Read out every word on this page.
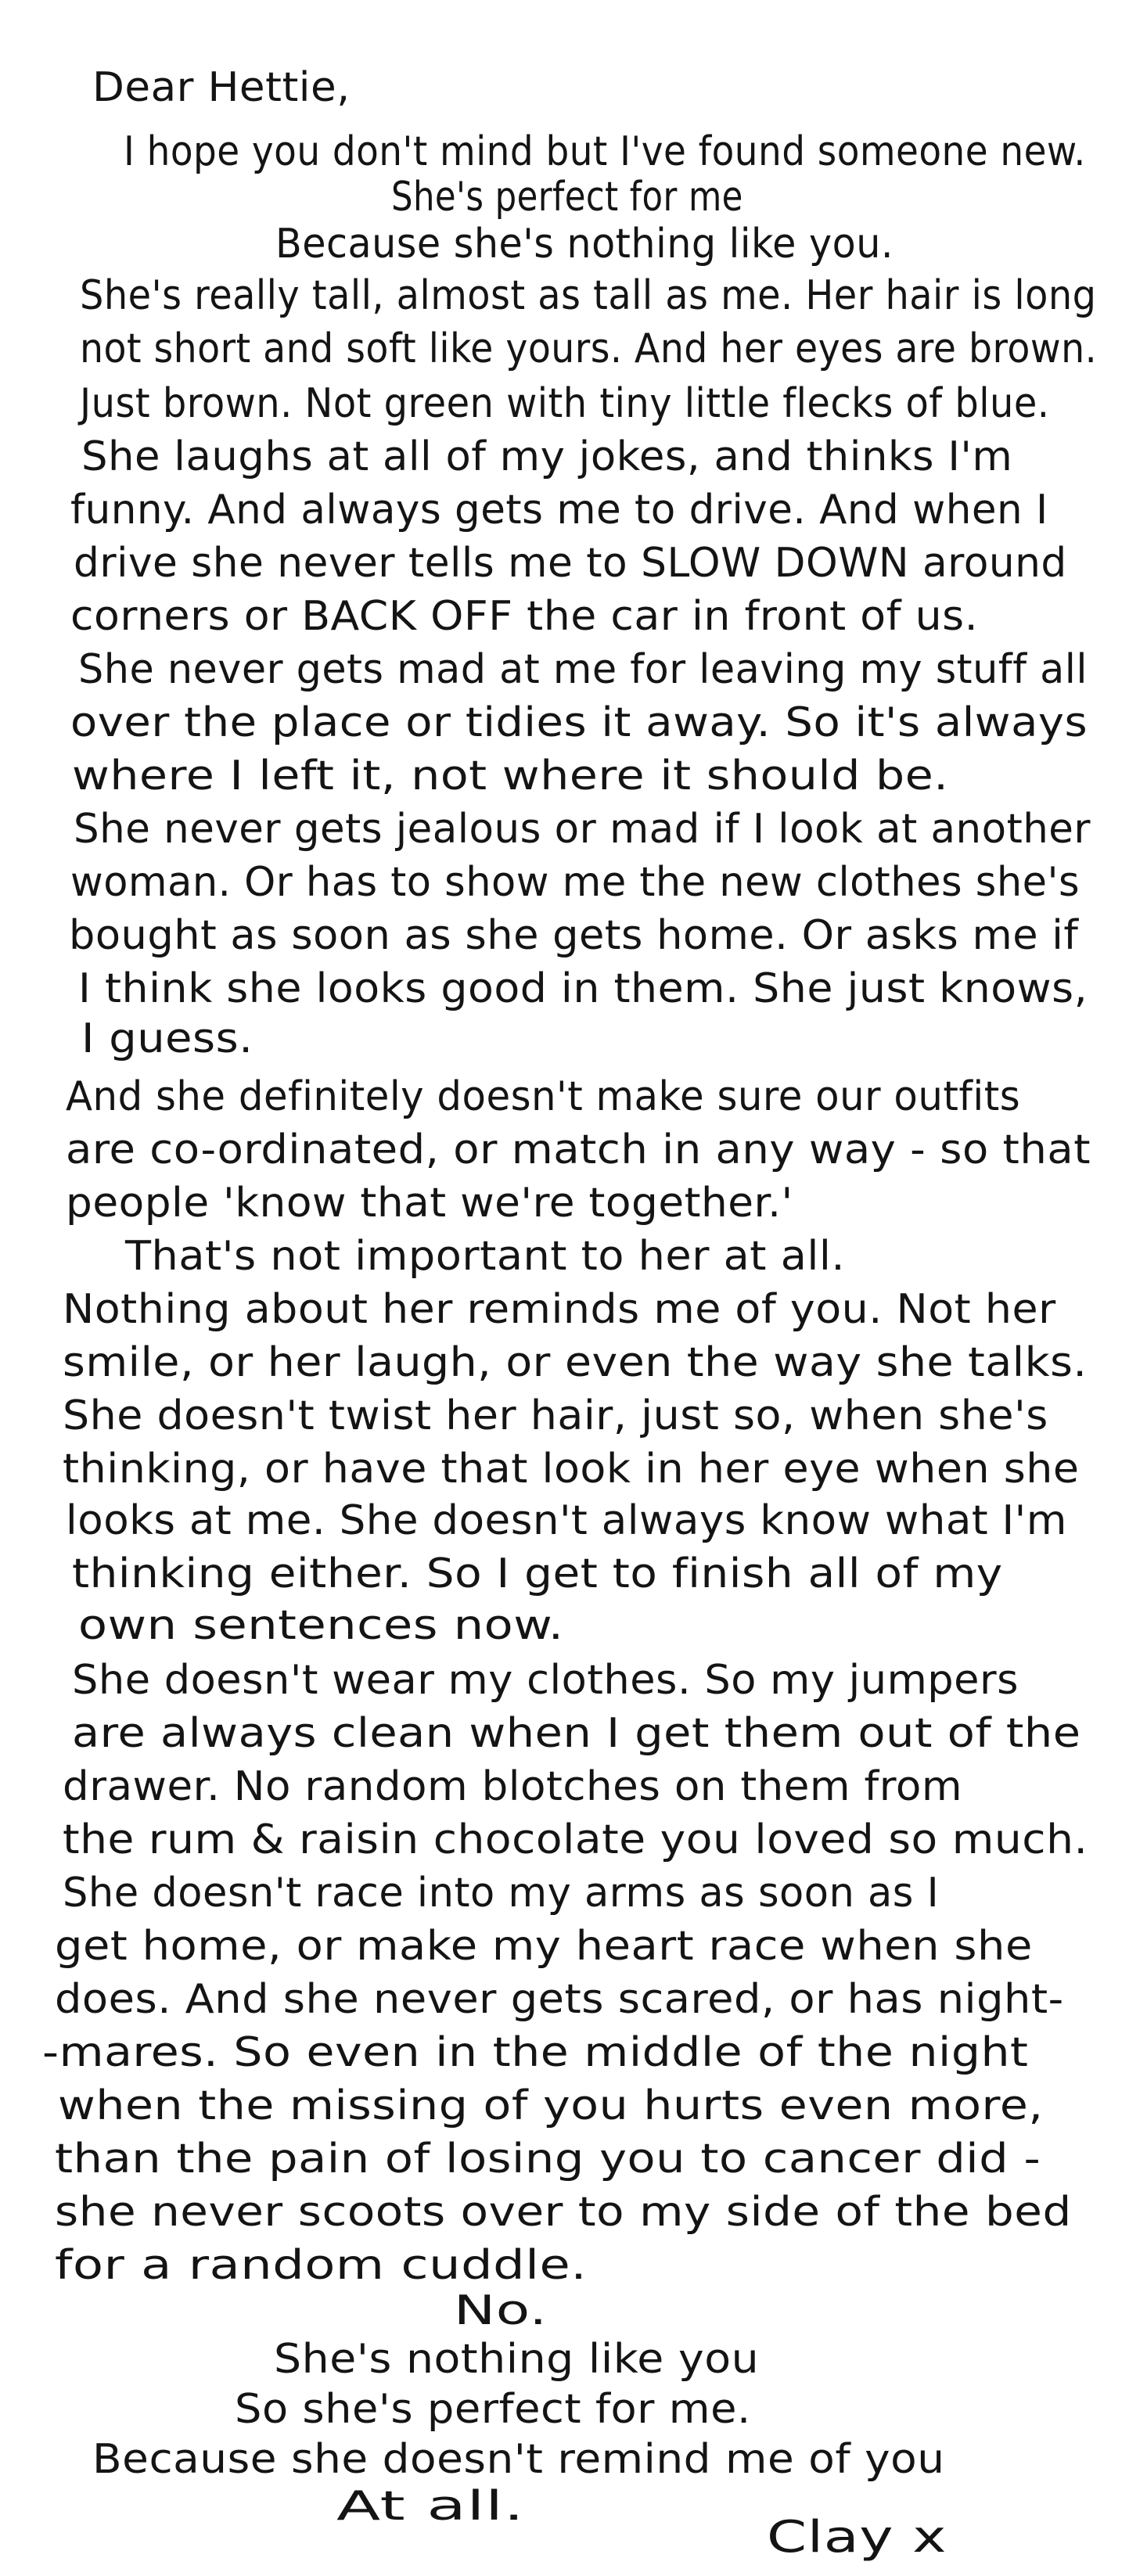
Dear Hettie,
I hope you don't mind but I've found someone new.
She's perfect for me
Because she's nothing like you.
She's really tall, almost as tall as me. Her hair is long
not short and soft like yours. And her eyes are brown.
Just brown. Not green with tiny little flecks of blue.
She laughs at all of my jokes, and thinks I'm
funny. And always gets me to drive. And when I
drive she never tells me to SLOW DOWN around
corners or BACK OFF the car in front of us.
She never gets mad at me for leaving my stuff all
over the place or tidies it away. So it's always
where I left it, not where it should be.
She never gets jealous or mad if I look at another
woman. Or has to show me the new clothes she's
bought as soon as she gets home. Or asks me if
I think she looks good in them. She just knows,
I guess.
And she definitely doesn't make sure our outfits
are co-ordinated, or match in any way - so that
people 'know that we're together.'
That's not important to her at all.
Nothing about her reminds me of you. Not her
smile, or her laugh, or even the way she talks.
She doesn't twist her hair, just so, when she's
thinking, or have that look in her eye when she
looks at me. She doesn't always know what I'm
thinking either. So I get to finish all of my
own sentences now.
She doesn't wear my clothes. So my jumpers
are always clean when I get them out of the
drawer. No random blotches on them from
the rum & raisin chocolate you loved so much.
She doesn't race into my arms as soon as I
get home, or make my heart race when she
does. And she never gets scared, or has night-
-mares. So even in the middle of the night
when the missing of you hurts even more,
than the pain of losing you to cancer did -
she never scoots over to my side of the bed
for a random cuddle.
No.
She's nothing like you
So she's perfect for me.
Because she doesn't remind me of you
At all.
Clay x
